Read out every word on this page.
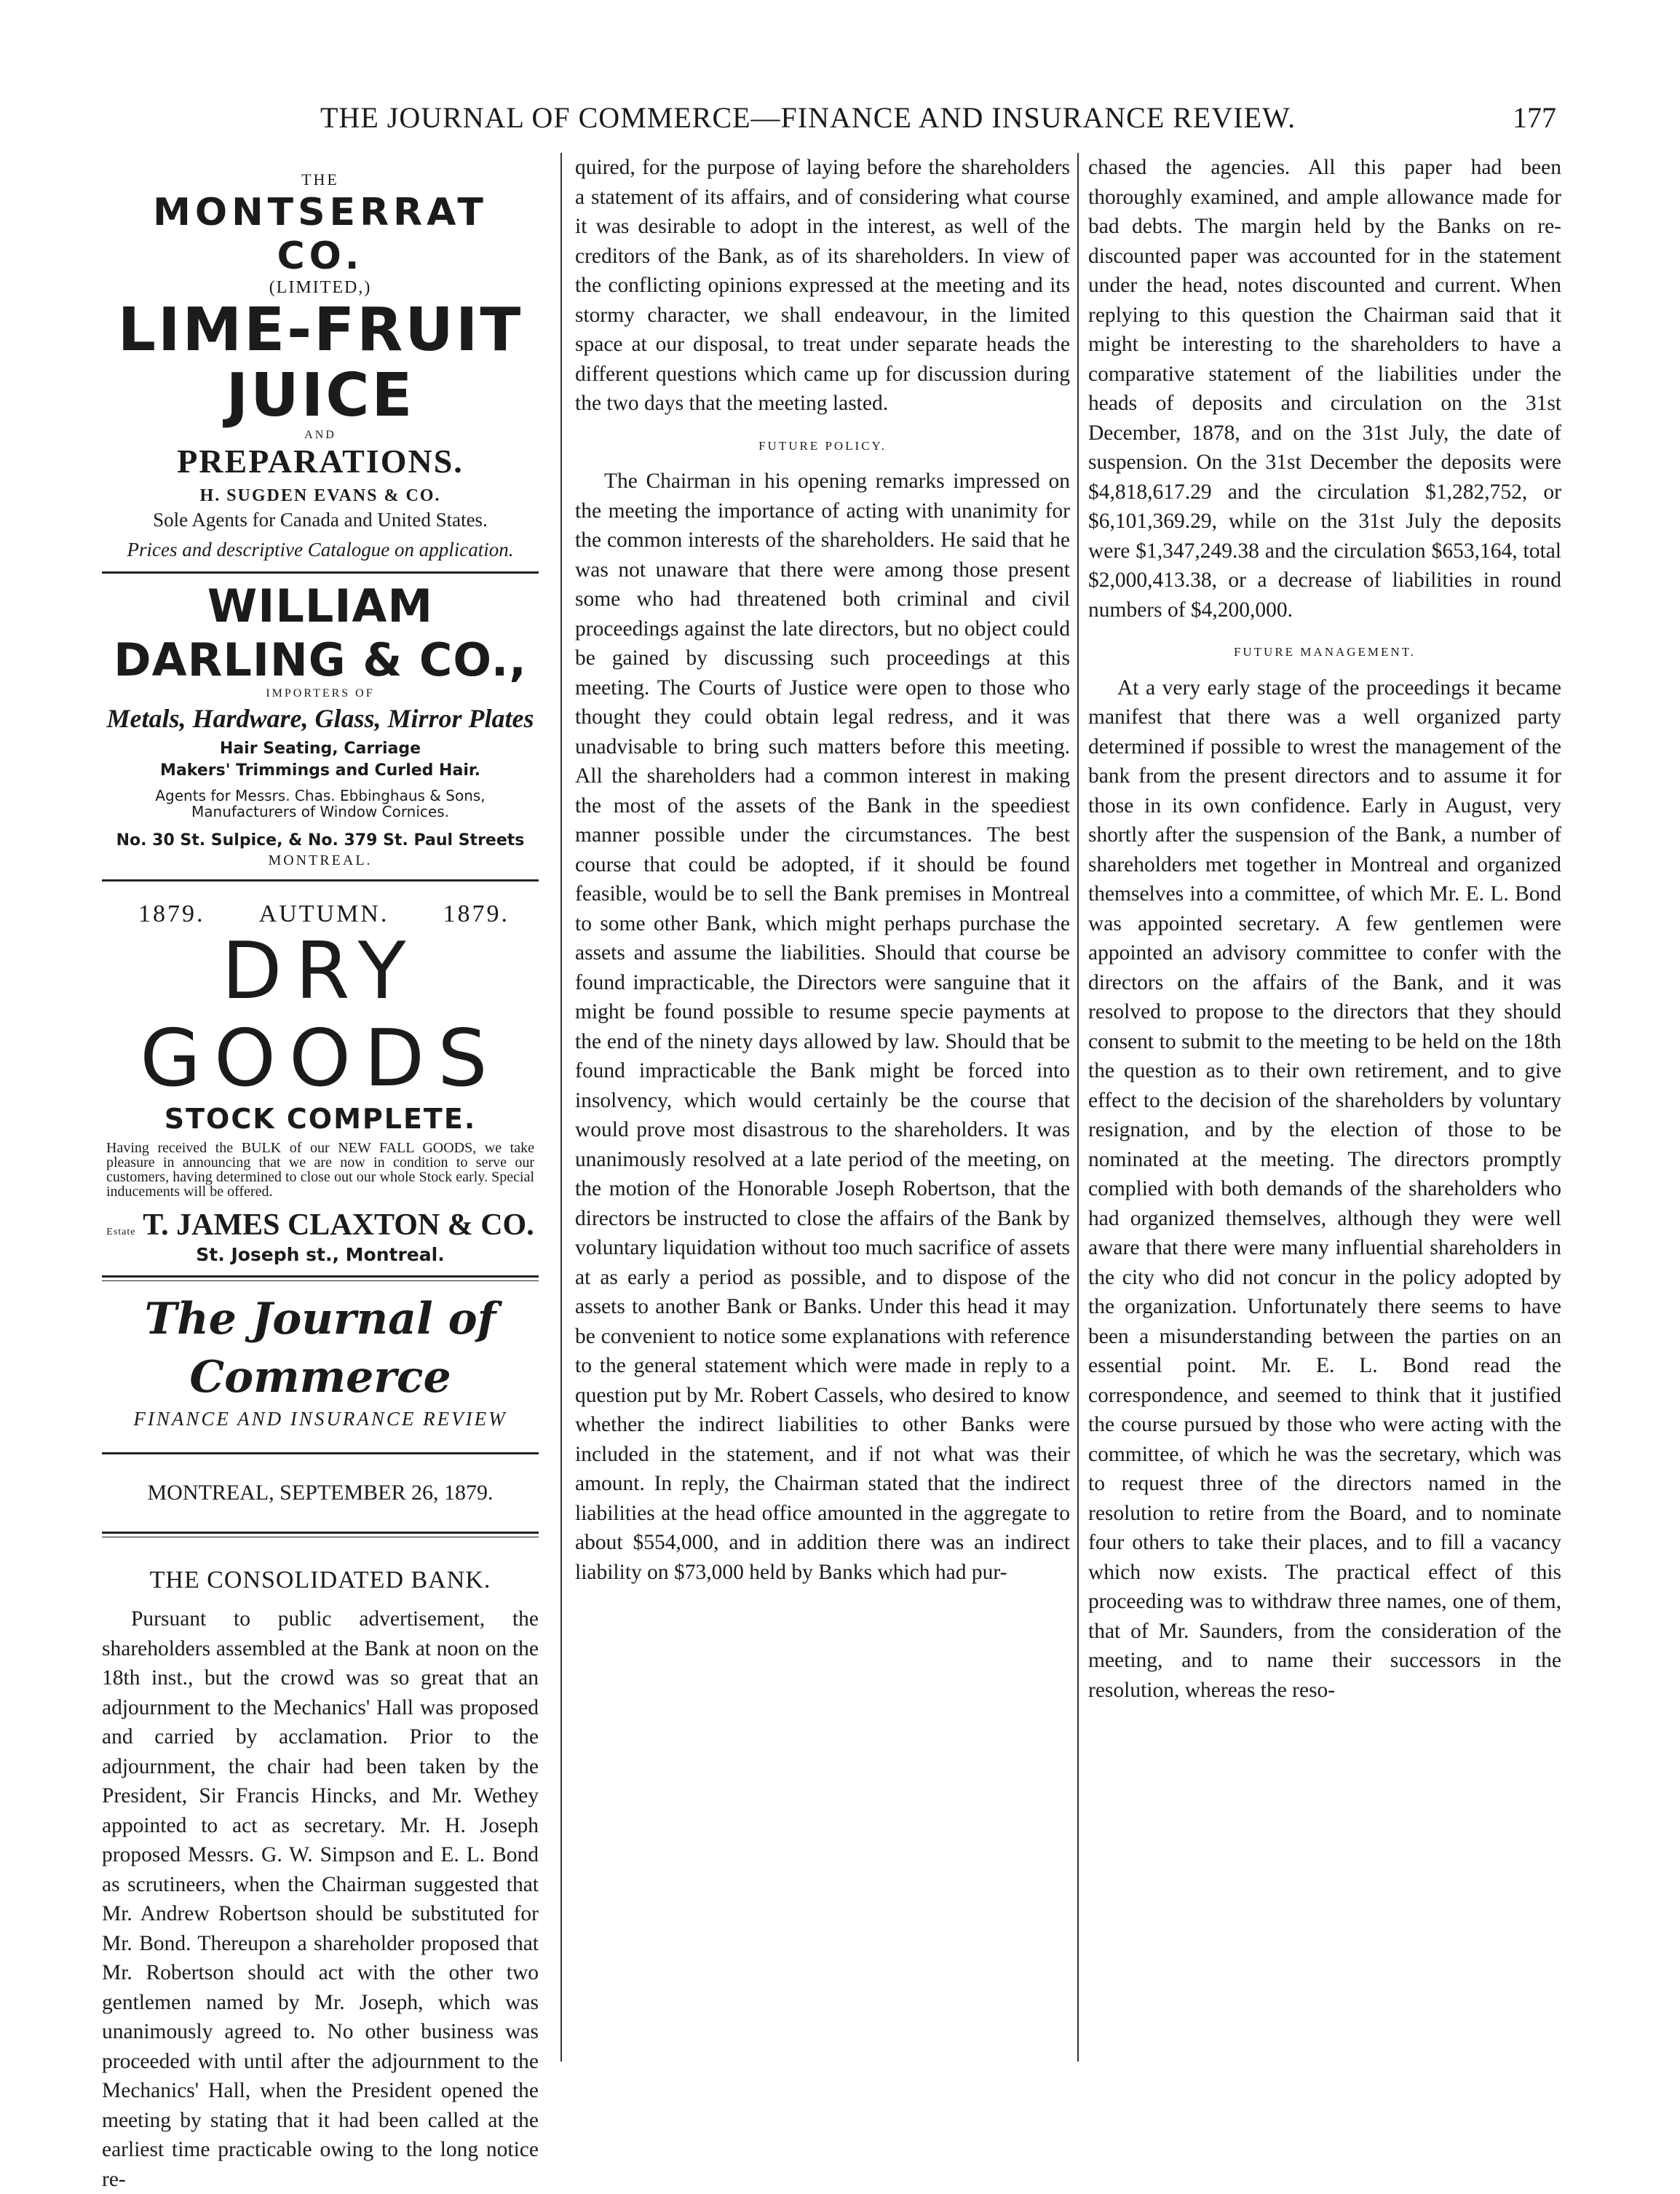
THE JOURNAL OF COMMERCE—FINANCE AND INSURANCE REVIEW.	177
THE
MONTSERRAT CO.
(LIMITED,)
LIME-FRUIT JUICE
AND
PREPARATIONS.
H. SUGDEN EVANS & CO.
Sole Agents for Canada and United States.
Prices and descriptive Catalogue on application.
WILLIAM DARLING & CO.,
IMPORTERS OF
Metals, Hardware, Glass, Mirror Plates
Hair Seating, Carriage
Makers' Trimmings and Curled Hair.
Agents for Messrs. Chas. Ebbinghaus & Sons, Manufacturers of Window Cornices.
No. 30 St. Sulpice, & No. 379 St. Paul Streets
MONTREAL.
1879. AUTUMN. 1879.
DRY GOODS
STOCK COMPLETE.
Having received the BULK of our NEW FALL GOODS, we take pleasure in announcing that we are now in condition to serve our customers, having determined to close out our whole Stock early. Special inducements will be offered.
Estate T. JAMES CLAXTON & CO.
St. Joseph st., Montreal.
The Journal of Commerce
FINANCE AND INSURANCE REVIEW
MONTREAL, SEPTEMBER 26, 1879.
THE CONSOLIDATED BANK.

Pursuant to public advertisement, the shareholders assembled at the Bank at noon on the 18th inst., but the crowd was so great that an adjournment to the Mechanics' Hall was proposed and carried by acclamation. Prior to the adjournment, the chair had been taken by the President, Sir Francis Hincks, and Mr. Wethey appointed to act as secretary. Mr. H. Joseph proposed Messrs. G. W. Simpson and E. L. Bond as scrutineers, when the Chairman suggested that Mr. Andrew Robertson should be substituted for Mr. Bond. Thereupon a shareholder proposed that Mr. Robertson should act with the other two gentlemen named by Mr. Joseph, which was unanimously agreed to. No other business was proceeded with until after the adjournment to the Mechanics' Hall, when the President opened the meeting by stating that it had been called at the earliest time practicable owing to the long notice re-

quired, for the purpose of laying before the shareholders a statement of its affairs, and of considering what course it was desirable to adopt in the interest, as well of the creditors of the Bank, as of its shareholders. In view of the conflicting opinions expressed at the meeting and its stormy character, we shall endeavour, in the limited space at our disposal, to treat under separate heads the different questions which came up for discussion during the two days that the meeting lasted.

FUTURE POLICY.

The Chairman in his opening remarks impressed on the meeting the importance of acting with unanimity for the common interests of the shareholders. He said that he was not unaware that there were among those present some who had threatened both criminal and civil proceedings against the late directors, but no object could be gained by discussing such proceedings at this meeting. The Courts of Justice were open to those who thought they could obtain legal redress, and it was unadvisable to bring such matters before this meeting. All the shareholders had a common interest in making the most of the assets of the Bank in the speediest manner possible under the circumstances. The best course that could be adopted, if it should be found feasible, would be to sell the Bank premises in Montreal to some other Bank, which might perhaps purchase the assets and assume the liabilities. Should that course be found impracticable, the Directors were sanguine that it might be found possible to resume specie payments at the end of the ninety days allowed by law. Should that be found impracticable the Bank might be forced into insolvency, which would certainly be the course that would prove most disastrous to the shareholders. It was unanimously resolved at a late period of the meeting, on the motion of the Honorable Joseph Robertson, that the directors be instructed to close the affairs of the Bank by voluntary liquidation without too much sacrifice of assets at as early a period as possible, and to dispose of the assets to another Bank or Banks. Under this head it may be convenient to notice some explanations with reference to the general statement which were made in reply to a question put by Mr. Robert Cassels, who desired to know whether the indirect liabilities to other Banks were included in the statement, and if not what was their amount. In reply, the Chairman stated that the indirect liabilities at the head office amounted in the aggregate to about $554,000, and in addition there was an indirect liability on $73,000 held by Banks which had pur-

chased the agencies. All this paper had been thoroughly examined, and ample allowance made for bad debts. The margin held by the Banks on re-discounted paper was accounted for in the statement under the head, notes discounted and current. When replying to this question the Chairman said that it might be interesting to the shareholders to have a comparative statement of the liabilities under the heads of deposits and circulation on the 31st December, 1878, and on the 31st July, the date of suspension. On the 31st December the deposits were $4,818,617.29 and the circulation $1,282,752, or $6,101,369.29, while on the 31st July the deposits were $1,347,249.38 and the circulation $653,164, total $2,000,413.38, or a decrease of liabilities in round numbers of $4,200,000.

FUTURE MANAGEMENT.

At a very early stage of the proceedings it became manifest that there was a well organized party determined if possible to wrest the management of the bank from the present directors and to assume it for those in its own confidence. Early in August, very shortly after the suspension of the Bank, a number of shareholders met together in Montreal and organized themselves into a committee, of which Mr. E. L. Bond was appointed secretary. A few gentlemen were appointed an advisory committee to confer with the directors on the affairs of the Bank, and it was resolved to propose to the directors that they should consent to submit to the meeting to be held on the 18th the question as to their own retirement, and to give effect to the decision of the shareholders by voluntary resignation, and by the election of those to be nominated at the meeting. The directors promptly complied with both demands of the shareholders who had organized themselves, although they were well aware that there were many influential shareholders in the city who did not concur in the policy adopted by the organization. Unfortunately there seems to have been a misunderstanding between the parties on an essential point. Mr. E. L. Bond read the correspondence, and seemed to think that it justified the course pursued by those who were acting with the committee, of which he was the secretary, which was to request three of the directors named in the resolution to retire from the Board, and to nominate four others to take their places, and to fill a vacancy which now exists. The practical effect of this proceeding was to withdraw three names, one of them, that of Mr. Saunders, from the consideration of the meeting, and to name their successors in the resolution, whereas the reso-
